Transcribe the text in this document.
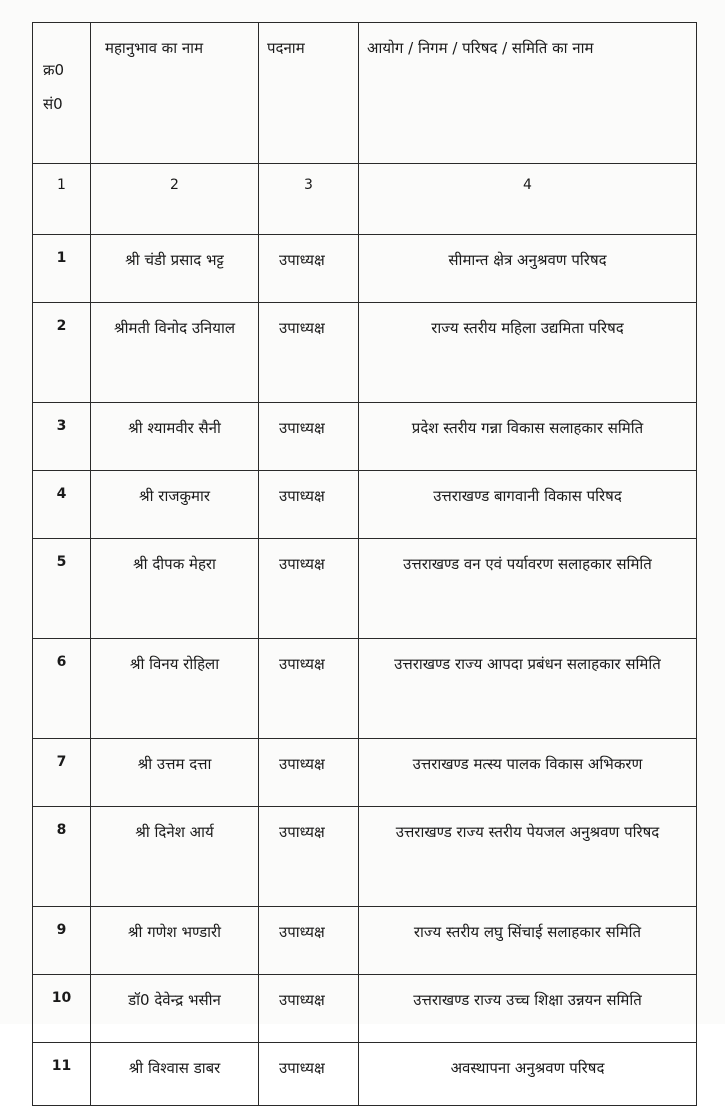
क्र0 सं0	महानुभाव का नाम	पदनाम	आयोग / निगम / परिषद / समिति का नाम
1	2	3	4
1	श्री चंडी प्रसाद भट्ट	उपाध्यक्ष	सीमान्त क्षेत्र अनुश्रवण परिषद
2	श्रीमती विनोद उनियाल	उपाध्यक्ष	राज्य स्तरीय महिला उद्यमिता परिषद
3	श्री श्यामवीर सैनी	उपाध्यक्ष	प्रदेश स्तरीय गन्ना विकास सलाहकार समिति
4	श्री राजकुमार	उपाध्यक्ष	उत्तराखण्ड बागवानी विकास परिषद
5	श्री दीपक मेहरा	उपाध्यक्ष	उत्तराखण्ड वन एवं पर्यावरण सलाहकार समिति
6	श्री विनय रोहिला	उपाध्यक्ष	उत्तराखण्ड राज्य आपदा प्रबंधन सलाहकार समिति
7	श्री उत्तम दत्ता	उपाध्यक्ष	उत्तराखण्ड मत्स्य पालक विकास अभिकरण
8	श्री दिनेश आर्य	उपाध्यक्ष	उत्तराखण्ड राज्य स्तरीय पेयजल अनुश्रवण परिषद
9	श्री गणेश भण्डारी	उपाध्यक्ष	राज्य स्तरीय लघु सिंचाई सलाहकार समिति
10	डॉ0 देवेन्द्र भसीन	उपाध्यक्ष	उत्तराखण्ड राज्य उच्च शिक्षा उन्नयन समिति
11	श्री विश्वास डाबर	उपाध्यक्ष	अवस्थापना अनुश्रवण परिषद
